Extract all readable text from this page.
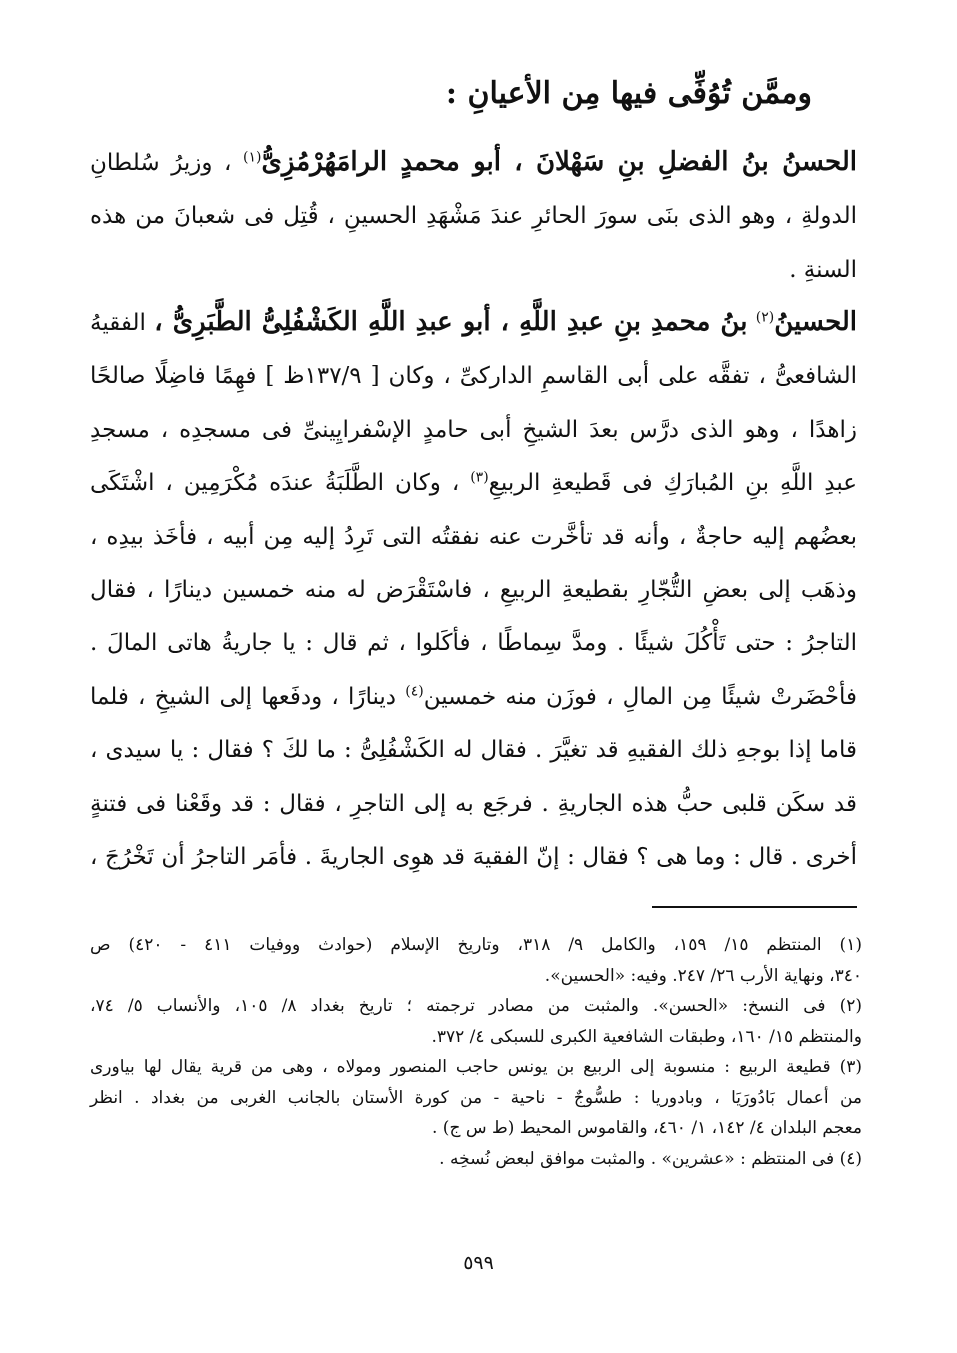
وممَّن تُوُفِّى فيها مِن الأعيانِ :
الحسنُ بنُ الفضلِ بنِ سَهْلانَ ، أبو محمدٍ الرامَهُرْمُزِىُّ$^{(١)}$ ، وزيرُ سُلطانِ
الدولةِ ، وهو الذى بنَى سورَ الحائرِ عندَ مَشْهَدِ الحسينِ ، قُتِل فى شعبانَ من هذه
السنةِ .
الحسينُ$^{(٢)}$ بنُ محمدِ بنِ عبدِ اللَّهِ ، أبو عبدِ اللَّهِ الكَشْفُلِىُّ الطَّبَرِىُّ ، الفقيهُ
الشافعىُّ ، تفقَّه على أبى القاسمِ الداركىِّ ، وكان [ ١٣٧/٩ظ ] فهِمًا فاضِلًا صالحًا
زاهدًا ، وهو الذى درَّس بعدَ الشيخِ أبى حامدٍ الإسْفرايِينىِّ فى مسجدِه ، مسجدِ
عبدِ اللَّهِ بنِ المُبارَكِ فى قَطيعةِ الربيعِ$^{(٣)}$ ، وكان الطَّلَبَةُ عندَه مُكْرَمِين ، اشْتَكَى
بعضُهم إليه حاجةٌ ، وأنه قد تأخَّرت عنه نفقتُه التى تَرِدُ إليه مِن أبيه ، فأخَذ بيدِه ،
وذهَب إلى بعضِ التُّجّارِ بقطيعةِ الربيعِ ، فاسْتَقْرَض له منه خمسين دينارًا ، فقال
التاجرُ : حتى تَأْكُلَ شيئًا . ومدَّ سِماطًا ، فأكَلوا ، ثم قال : يا جاريةُ هاتى المالَ .
فأحْضَرتْ شيئًا مِن المالِ ، فوزَن منه خمسين$^{(٤)}$ دينارًا ، ودفَعها إلى الشيخِ ، فلما
قاما إذا بوجهِ ذلك الفقيهِ قد تغيَّرَ . فقال له الكَشْفُلِىُّ : ما لكَ ؟ فقال : يا سيدى ،
قد سكَن قلبى حبُّ هذه الجاريةِ . فرجَع به إلى التاجرِ ، فقال : قد وقَعْنا فى فتنةٍ
أخرى . قال : وما هى ؟ فقال : إنّ الفقيهَ قد هوِى الجاريةَ . فأمَر التاجرُ أن تَخْرُجَ ،
(١) المنتظم ١٥/ ١٥٩، والكامل ٩/ ٣١٨، وتاريخ الإسلام (حوادث ووفيات ٤١١ - ٤٢٠) ص
٣٤٠، ونهاية الأرب ٢٦/ ٢٤٧. وفيه: «الحسين».
(٢) فى النسخ: «الحسن». والمثبت من مصادر ترجمته ؛ تاريخ بغداد ٨/ ١٠٥، والأنساب ٥/ ٧٤،
والمنتظم ١٥/ ١٦٠، وطبقات الشافعية الكبرى للسبكى ٤/ ٣٧٢.
(٣) قطيعة الربيع : منسوبة إلى الربيع بن يونس حاجب المنصور ومولاه ، وهى من قرية يقال لها بياورى
من أعمال بَادُورَيَا ، وبادوريا : طسُّوجٌ - ناحية - من كورة الأستان بالجانب الغربى من بغداد . انظر
معجم البلدان ٤/ ١٤٢، ١/ ٤٦٠، والقاموس المحيط (ط س ج) .
(٤) فى المنتظم : «عشرين» . والمثبت موافق لبعض نُسخِه .
٥٩٩
